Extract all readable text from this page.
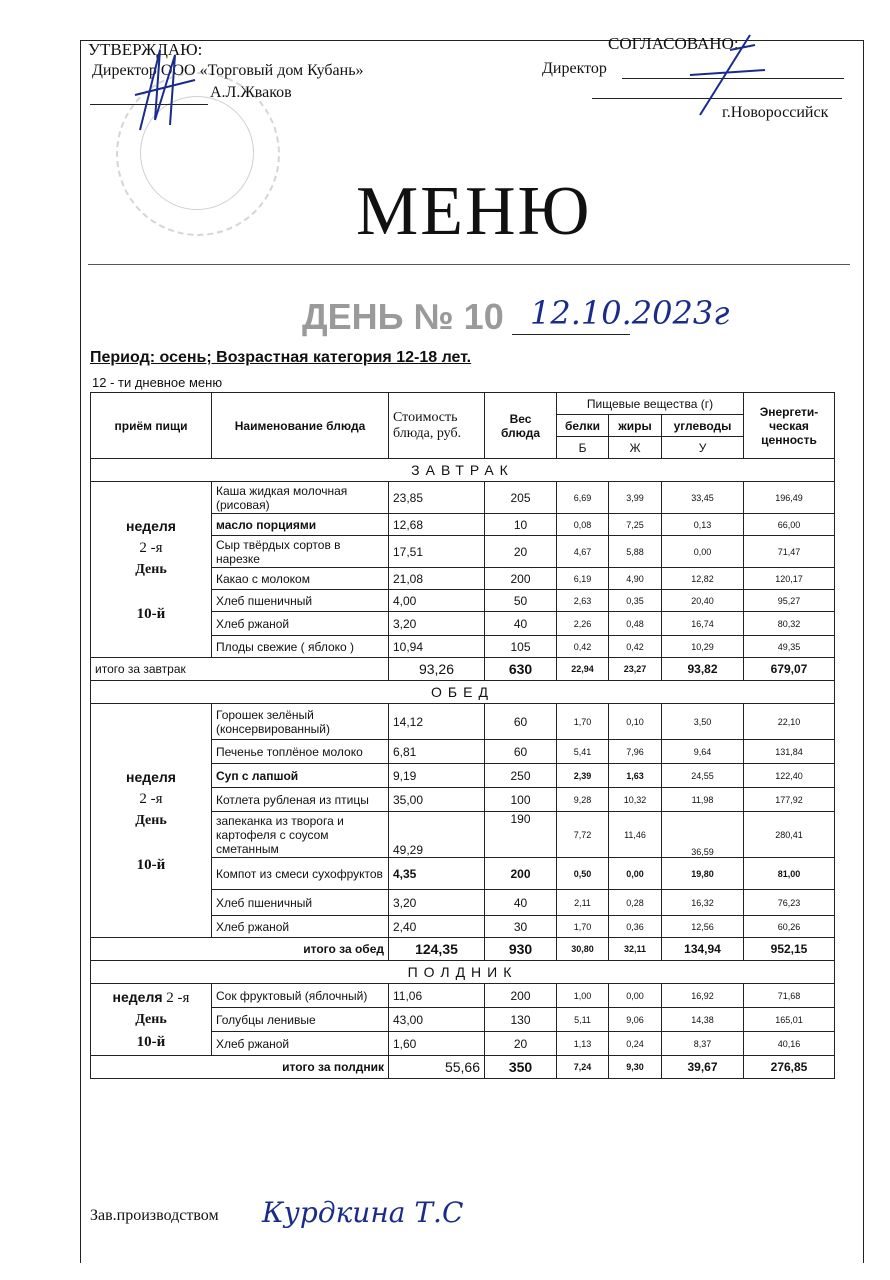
УТВЕРЖДАЮ:
Директор ООО «Торговый дом Кубань»
А.Л.Жваков
СОГЛАСОВАНО:
Директор
г.Новороссийск
МЕНЮ
ДЕНЬ № 10 12.10.2023г
Период: осень; Возрастная категория 12-18 лет.
12 - ти дневное меню
приём пищи	Наименование блюда	Стоимость блюда, руб.	Вес блюда	Пищевые вещества (г)			Энергети-ческая ценность
				белки	жиры	углеводы	
				Б	Ж	У	
ЗАВТРАК							

неделя
2 -я
День

10-й	Каша жидкая молочная (рисовая)	23,85	205	6,69	3,99	33,45	196,49
	масло порциями	12,68	10	0,08	7,25	0,13	66,00
	Сыр твёрдых сортов в нарезке	17,51	20	4,67	5,88	0,00	71,47
	Какао с молоком	21,08	200	6,19	4,90	12,82	120,17
	Хлеб пшеничный	4,00	50	2,63	0,35	20,40	95,27
	Хлеб ржаной	3,20	40	2,26	0,48	16,74	80,32
	Плоды свежие ( яблоко )	10,94	105	0,42	0,42	10,29	49,35
итого за завтрак		93,26	630	22,94	23,27	93,82	679,07
ОБЕД							

неделя
2 -я
День

10-й	Горошек зелёный (консервированный)	14,12	60	1,70	0,10	3,50	22,10
	Печенье топлёное молоко	6,81	60	5,41	7,96	9,64	131,84
	Суп с лапшой	9,19	250	2,39	1,63	24,55	122,40
	Котлета рубленая из птицы	35,00	100	9,28	10,32	11,98	177,92
	запеканка из творога и картофеля с соусом сметанным	49,29	190	7,72	11,46	36,59	280,41
	Компот из смеси сухофруктов	4,35	200	0,50	0,00	19,80	81,00
	Хлеб пшеничный	3,20	40	2,11	0,28	16,32	76,23
	Хлеб ржаной	2,40	30	1,70	0,36	12,56	60,26
итого за обед		124,35	930	30,80	32,11	134,94	952,15
ПОЛДНИК							

неделя 2 -я
День
10-й	Сок фруктовый (яблочный)	11,06	200	1,00	0,00	16,92	71,68
	Голубцы ленивые	43,00	130	5,11	9,06	14,38	165,01
	Хлеб ржаной	1,60	20	1,13	0,24	8,37	40,16
итого за полдник		55,66	350	7,24	9,30	39,67	276,85
Зав.производством Курдкина Т.С
